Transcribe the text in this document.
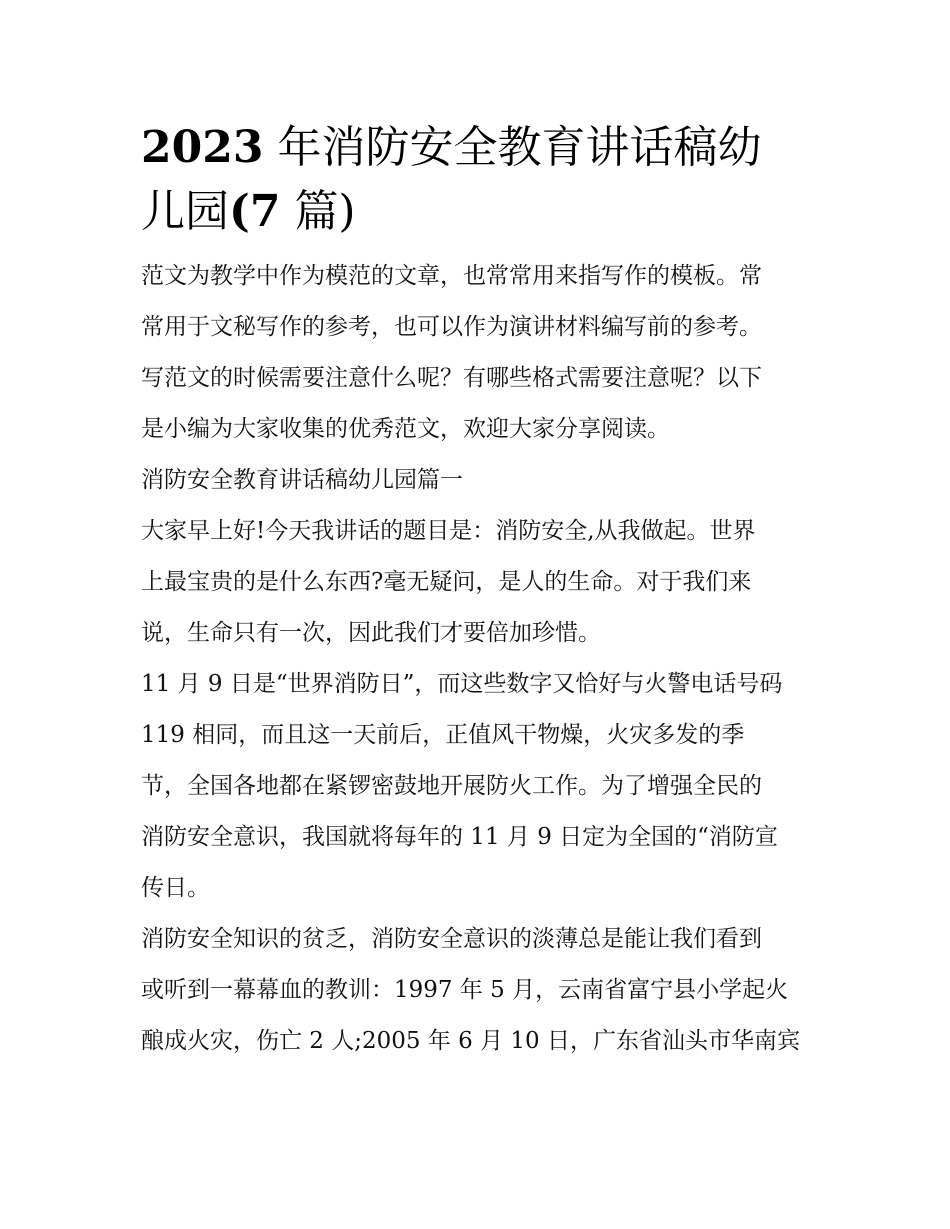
2023 年消防安全教育讲话稿幼
儿园(7 篇)

范文为教学中作为模范的文章，也常常用来指写作的模板。常

常用于文秘写作的参考，也可以作为演讲材料编写前的参考。

写范文的时候需要注意什么呢？有哪些格式需要注意呢？以下

是小编为大家收集的优秀范文，欢迎大家分享阅读。

消防安全教育讲话稿幼儿园篇一

大家早上好!今天我讲话的题目是：消防安全,从我做起。世界

上最宝贵的是什么东西?毫无疑问，是人的生命。对于我们来

说，生命只有一次，因此我们才要倍加珍惜。

11 月 9 日是“世界消防日”，而这些数字又恰好与火警电话号码

119 相同，而且这一天前后，正值风干物燥，火灾多发的季

节，全国各地都在紧锣密鼓地开展防火工作。为了增强全民的

消防安全意识，我国就将每年的 11 月 9 日定为全国的“消防宣

传日。

消防安全知识的贫乏，消防安全意识的淡薄总是能让我们看到

或听到一幕幕血的教训：1997 年 5 月，云南省富宁县小学起火

酿成火灾，伤亡 2 人;2005 年 6 月 10 日，广东省汕头市华南宾
